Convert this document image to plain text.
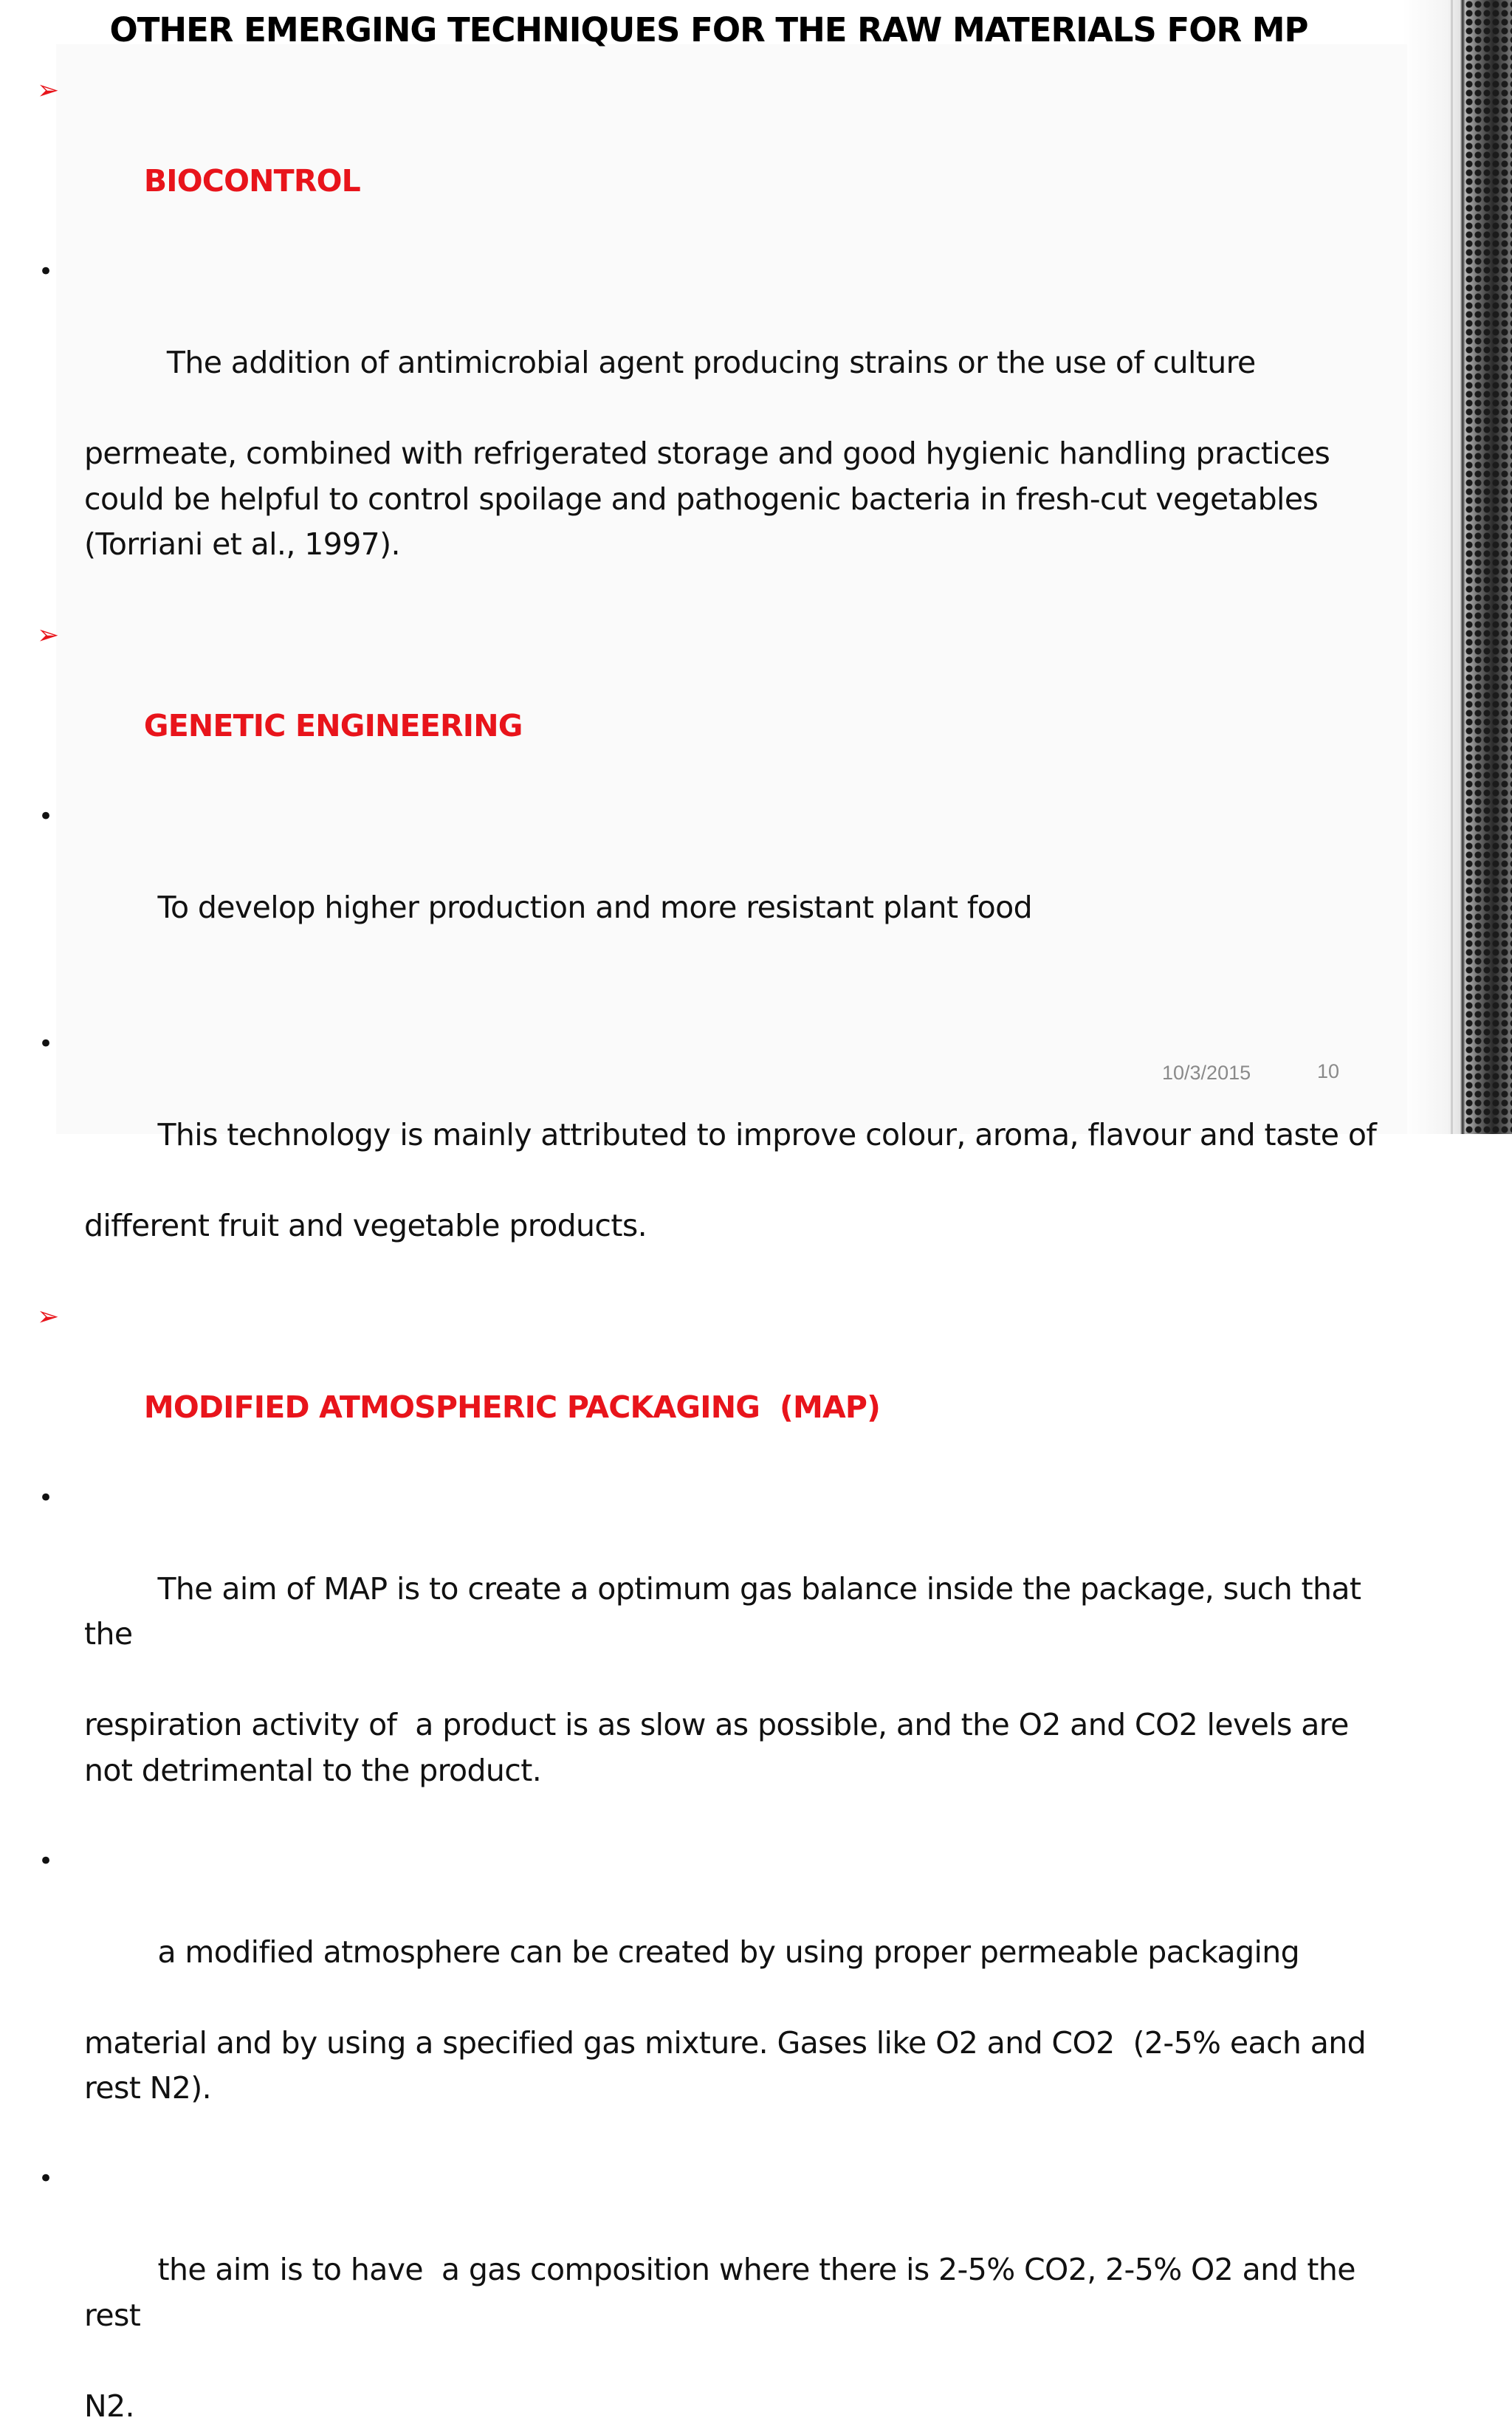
OTHER EMERGING TECHNIQUES FOR THE RAW MATERIALS FOR MP

➢

BIOCONTROL

•

The addition of antimicrobial agent producing strains or the use of culture

permeate, combined with refrigerated storage and good hygienic handling practices
could be helpful to control spoilage and pathogenic bacteria in fresh-cut vegetables
(Torriani et al., 1997).

➢

GENETIC ENGINEERING

•

To develop higher production and more resistant plant food

•

This technology is mainly attributed to improve colour, aroma, flavour and taste of

different fruit and vegetable products.

➢

MODIFIED ATMOSPHERIC PACKAGING  (MAP)

•

The aim of MAP is to create a optimum gas balance inside the package, such that the

respiration activity of  a product is as slow as possible, and the O2 and CO2 levels are
not detrimental to the product.

•

a modified atmosphere can be created by using proper permeable packaging

material and by using a specified gas mixture. Gases like O2 and CO2  (2-5% each and
rest N2).

•

the aim is to have  a gas composition where there is 2-5% CO2, 2-5% O2 and the rest

N2.
10/3/2015	10
